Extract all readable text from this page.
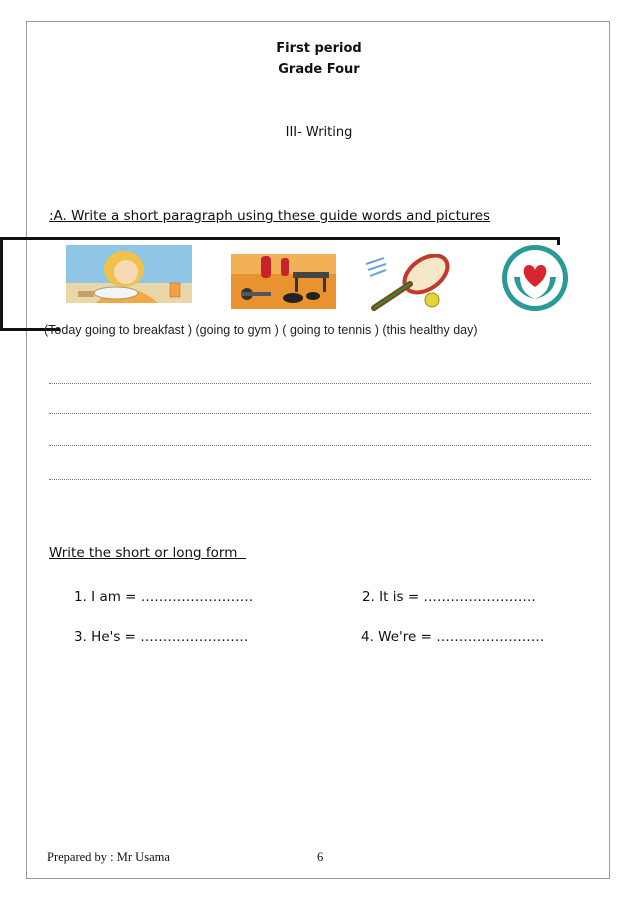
First period
Grade Four
III- Writing
:A. Write a short paragraph using these guide words and pictures
(Today going to breakfast ) (going to gym ) ( going to tennis ) (this healthy day)
Write the short or long form
1. I am = …………………….	2. It is = …………………….
3. He's = ……………………	4. We're = ……………………
Prepared by : Mr Usama	6
